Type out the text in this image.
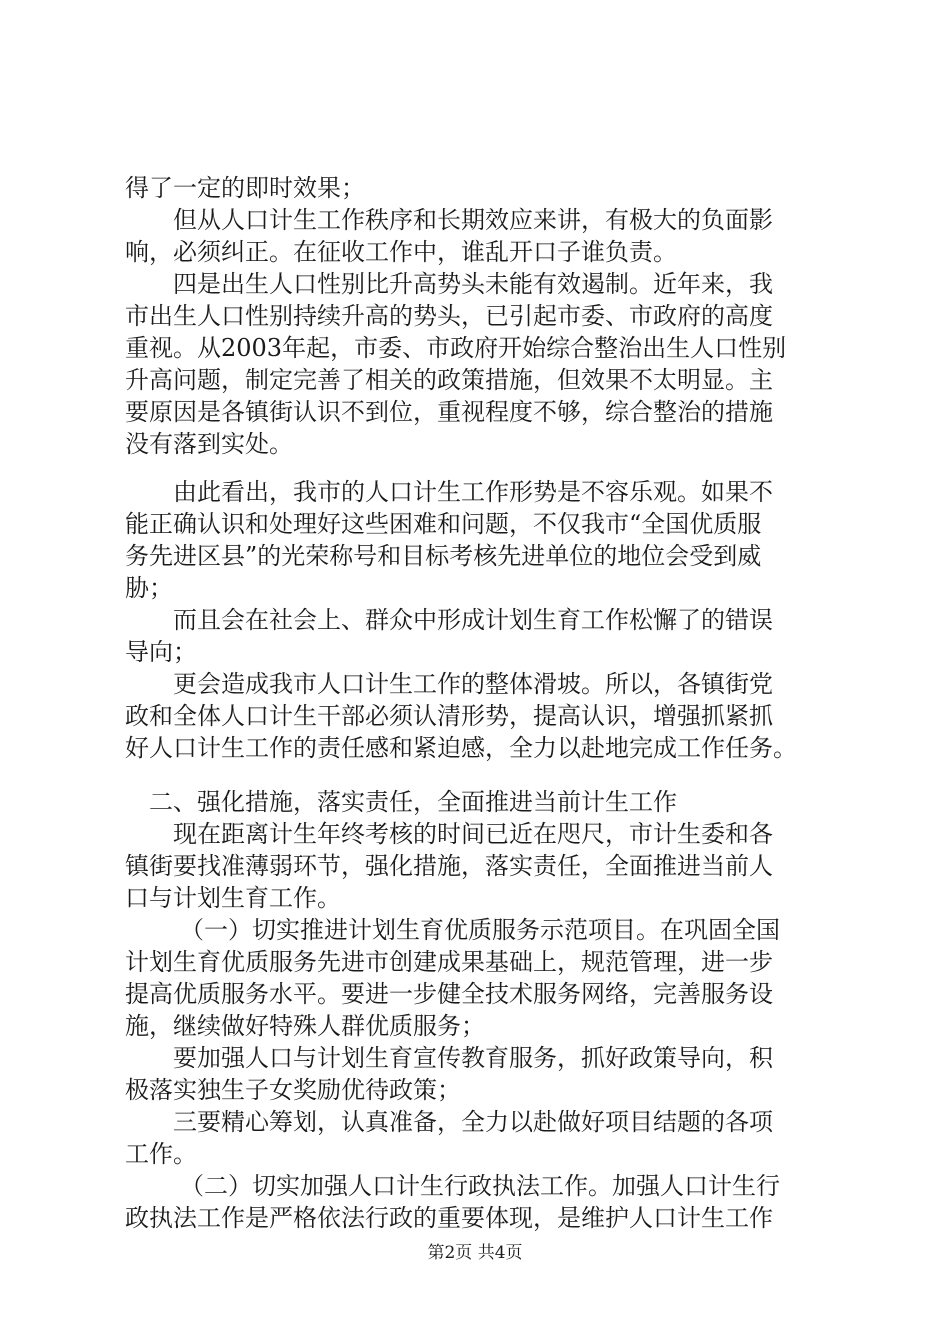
得了一定的即时效果；
但从人口计生工作秩序和长期效应来讲，有极大的负面影
响，必须纠正。在征收工作中，谁乱开口子谁负责。
四是出生人口性别比升高势头未能有效遏制。近年来，我
市出生人口性别持续升高的势头，已引起市委、市政府的高度
重视。从2003年起，市委、市政府开始综合整治出生人口性别
升高问题，制定完善了相关的政策措施，但效果不太明显。主
要原因是各镇街认识不到位，重视程度不够，综合整治的措施
没有落到实处。
由此看出，我市的人口计生工作形势是不容乐观。如果不
能正确认识和处理好这些困难和问题，不仅我市“全国优质服
务先进区县”的光荣称号和目标考核先进单位的地位会受到威
胁；
而且会在社会上、群众中形成计划生育工作松懈了的错误
导向；
更会造成我市人口计生工作的整体滑坡。所以，各镇街党
政和全体人口计生干部必须认清形势，提高认识，增强抓紧抓
好人口计生工作的责任感和紧迫感，全力以赴地完成工作任务。
二、强化措施，落实责任，全面推进当前计生工作
现在距离计生年终考核的时间已近在咫尺，市计生委和各
镇街要找准薄弱环节，强化措施，落实责任，全面推进当前人
口与计划生育工作。
（一）切实推进计划生育优质服务示范项目。在巩固全国
计划生育优质服务先进市创建成果基础上，规范管理，进一步
提高优质服务水平。要进一步健全技术服务网络，完善服务设
施，继续做好特殊人群优质服务；
要加强人口与计划生育宣传教育服务，抓好政策导向，积
极落实独生子女奖励优待政策；
三要精心筹划，认真准备，全力以赴做好项目结题的各项
工作。
（二）切实加强人口计生行政执法工作。加强人口计生行
政执法工作是严格依法行政的重要体现，是维护人口计生工作
第2页 共4页
